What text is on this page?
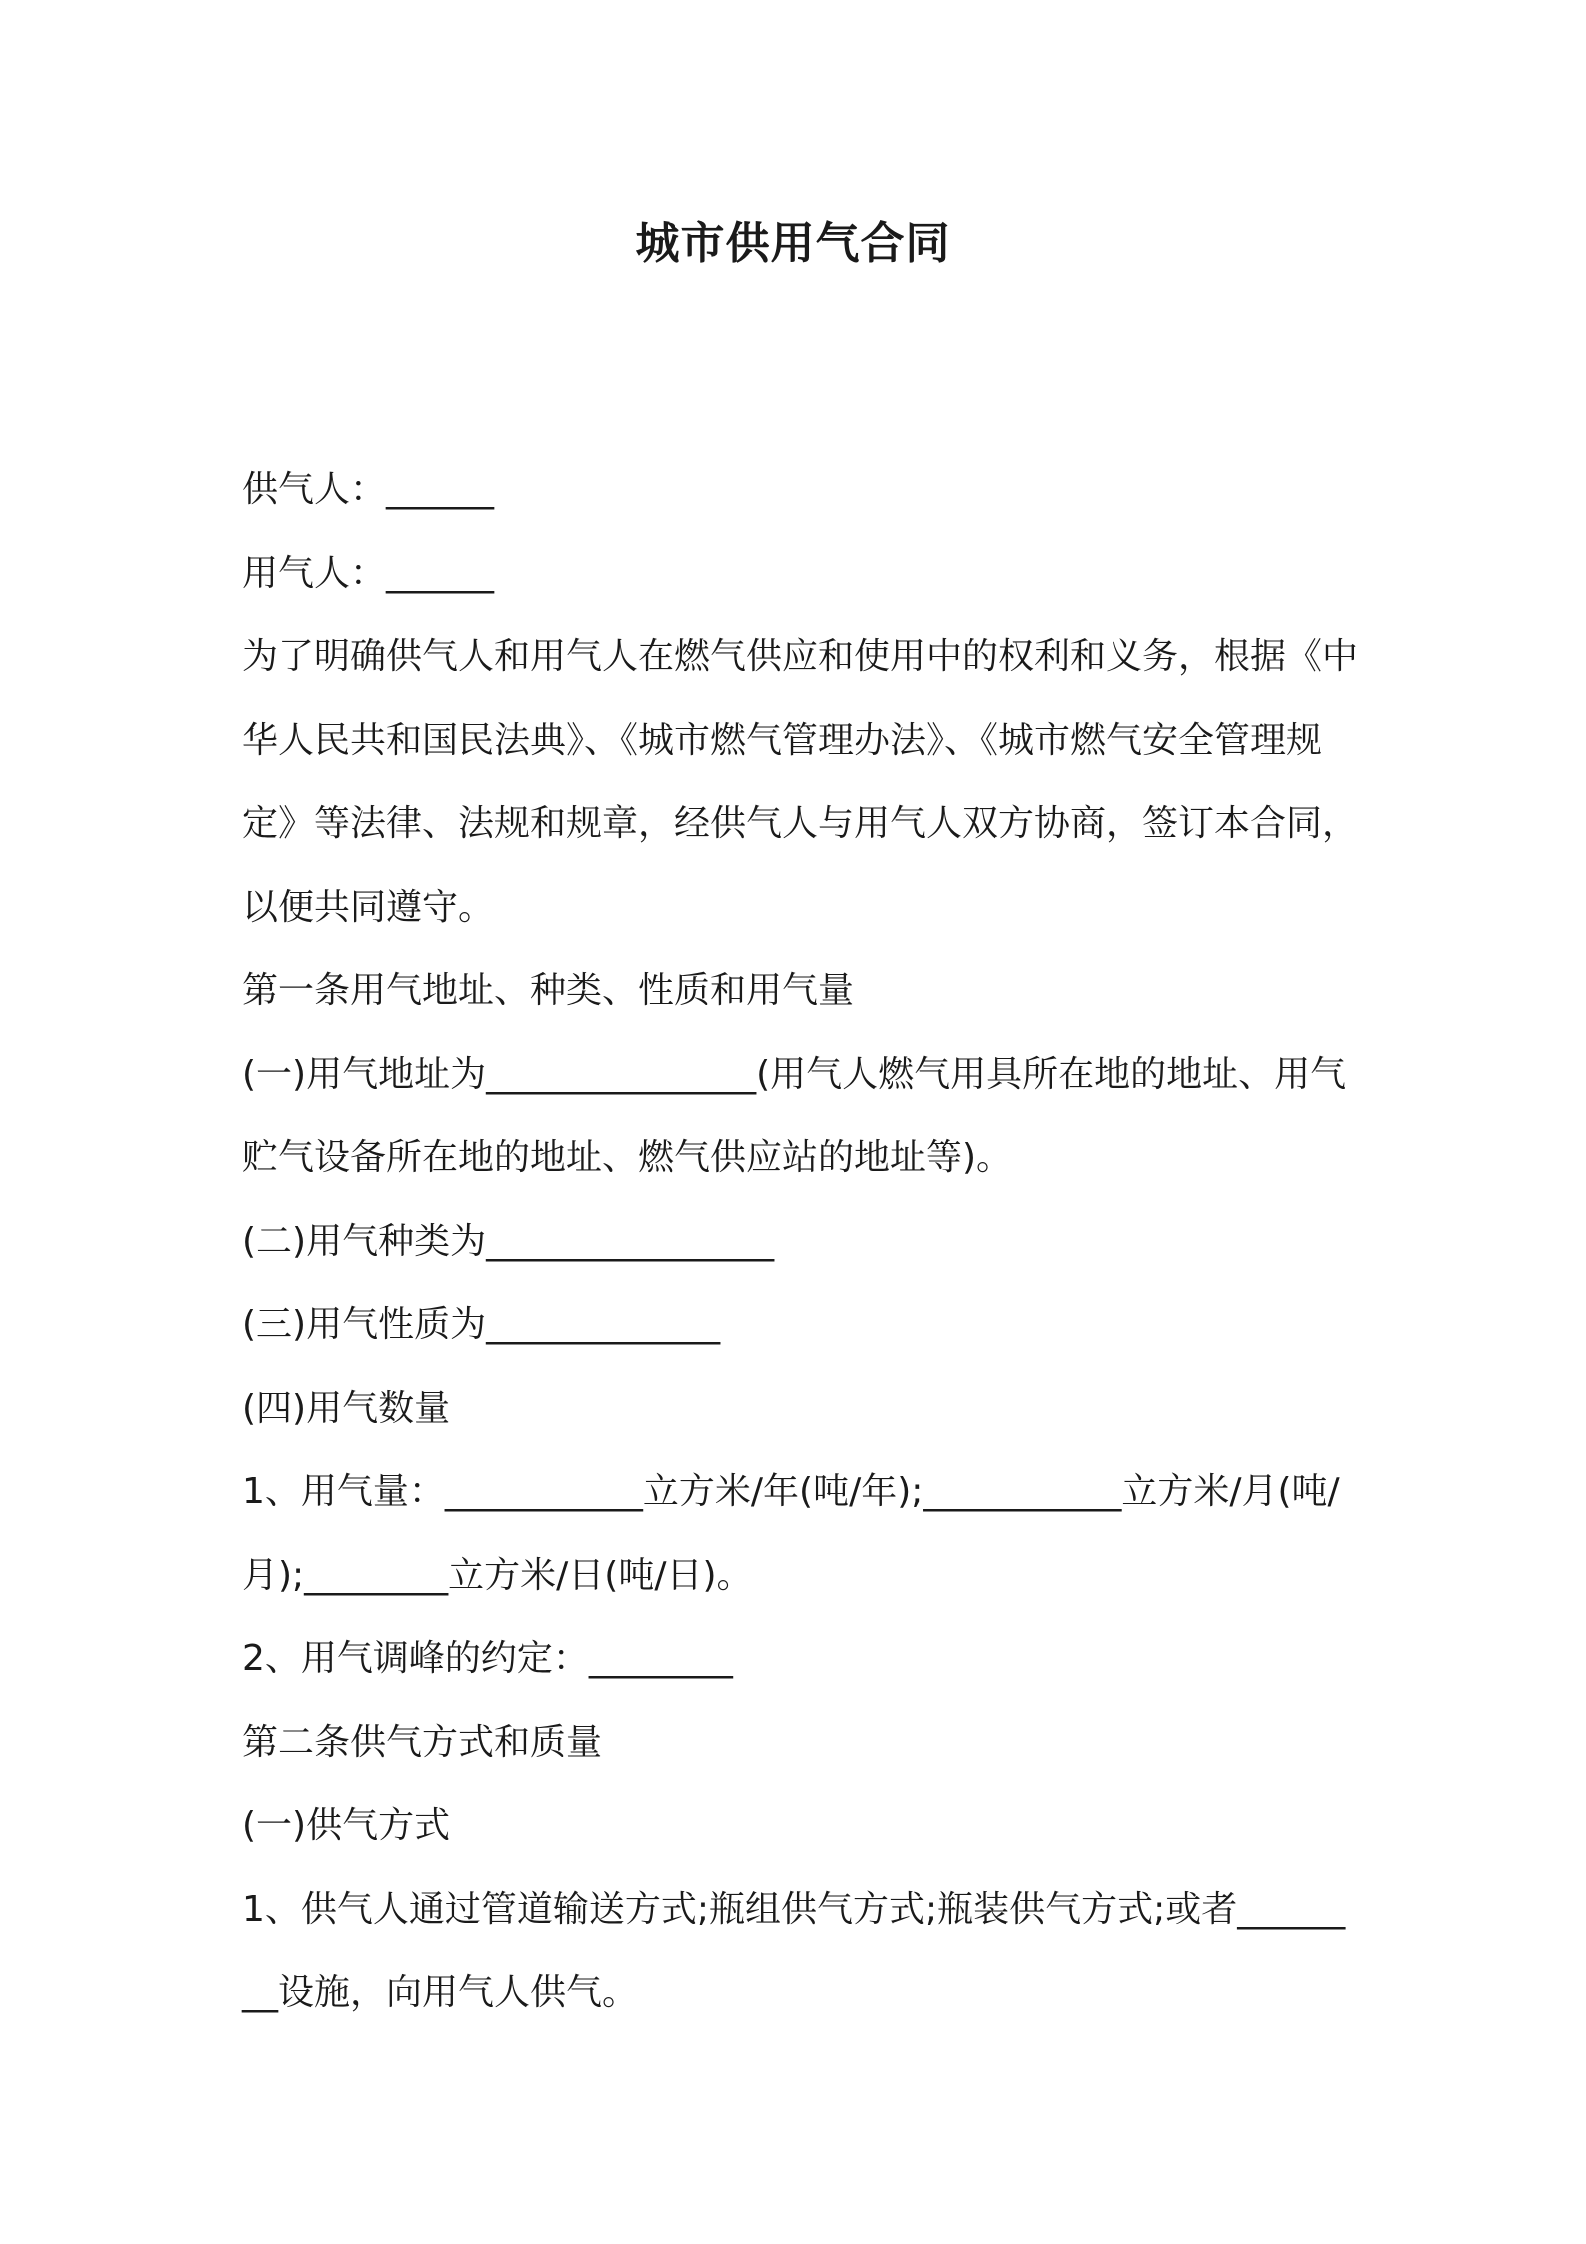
城市供用气合同

供气人：______

用气人：______

为了明确供气人和用气人在燃气供应和使用中的权利和义务，根据《中华人民共和国民法典》、《城市燃气管理办法》、《城市燃气安全管理规定》等法律、法规和规章，经供气人与用气人双方协商，签订本合同，以便共同遵守。

第一条用气地址、种类、性质和用气量

(一)用气地址为_______________(用气人燃气用具所在地的地址、用气贮气设备所在地的地址、燃气供应站的地址等)。

(二)用气种类为________________

(三)用气性质为_____________

(四)用气数量

1、用气量：___________立方米/年(吨/年);___________立方米/月(吨/月);________立方米/日(吨/日)。

2、用气调峰的约定：________

第二条供气方式和质量

(一)供气方式

1、供气人通过管道输送方式;瓶组供气方式;瓶装供气方式;或者________设施，向用气人供气。
